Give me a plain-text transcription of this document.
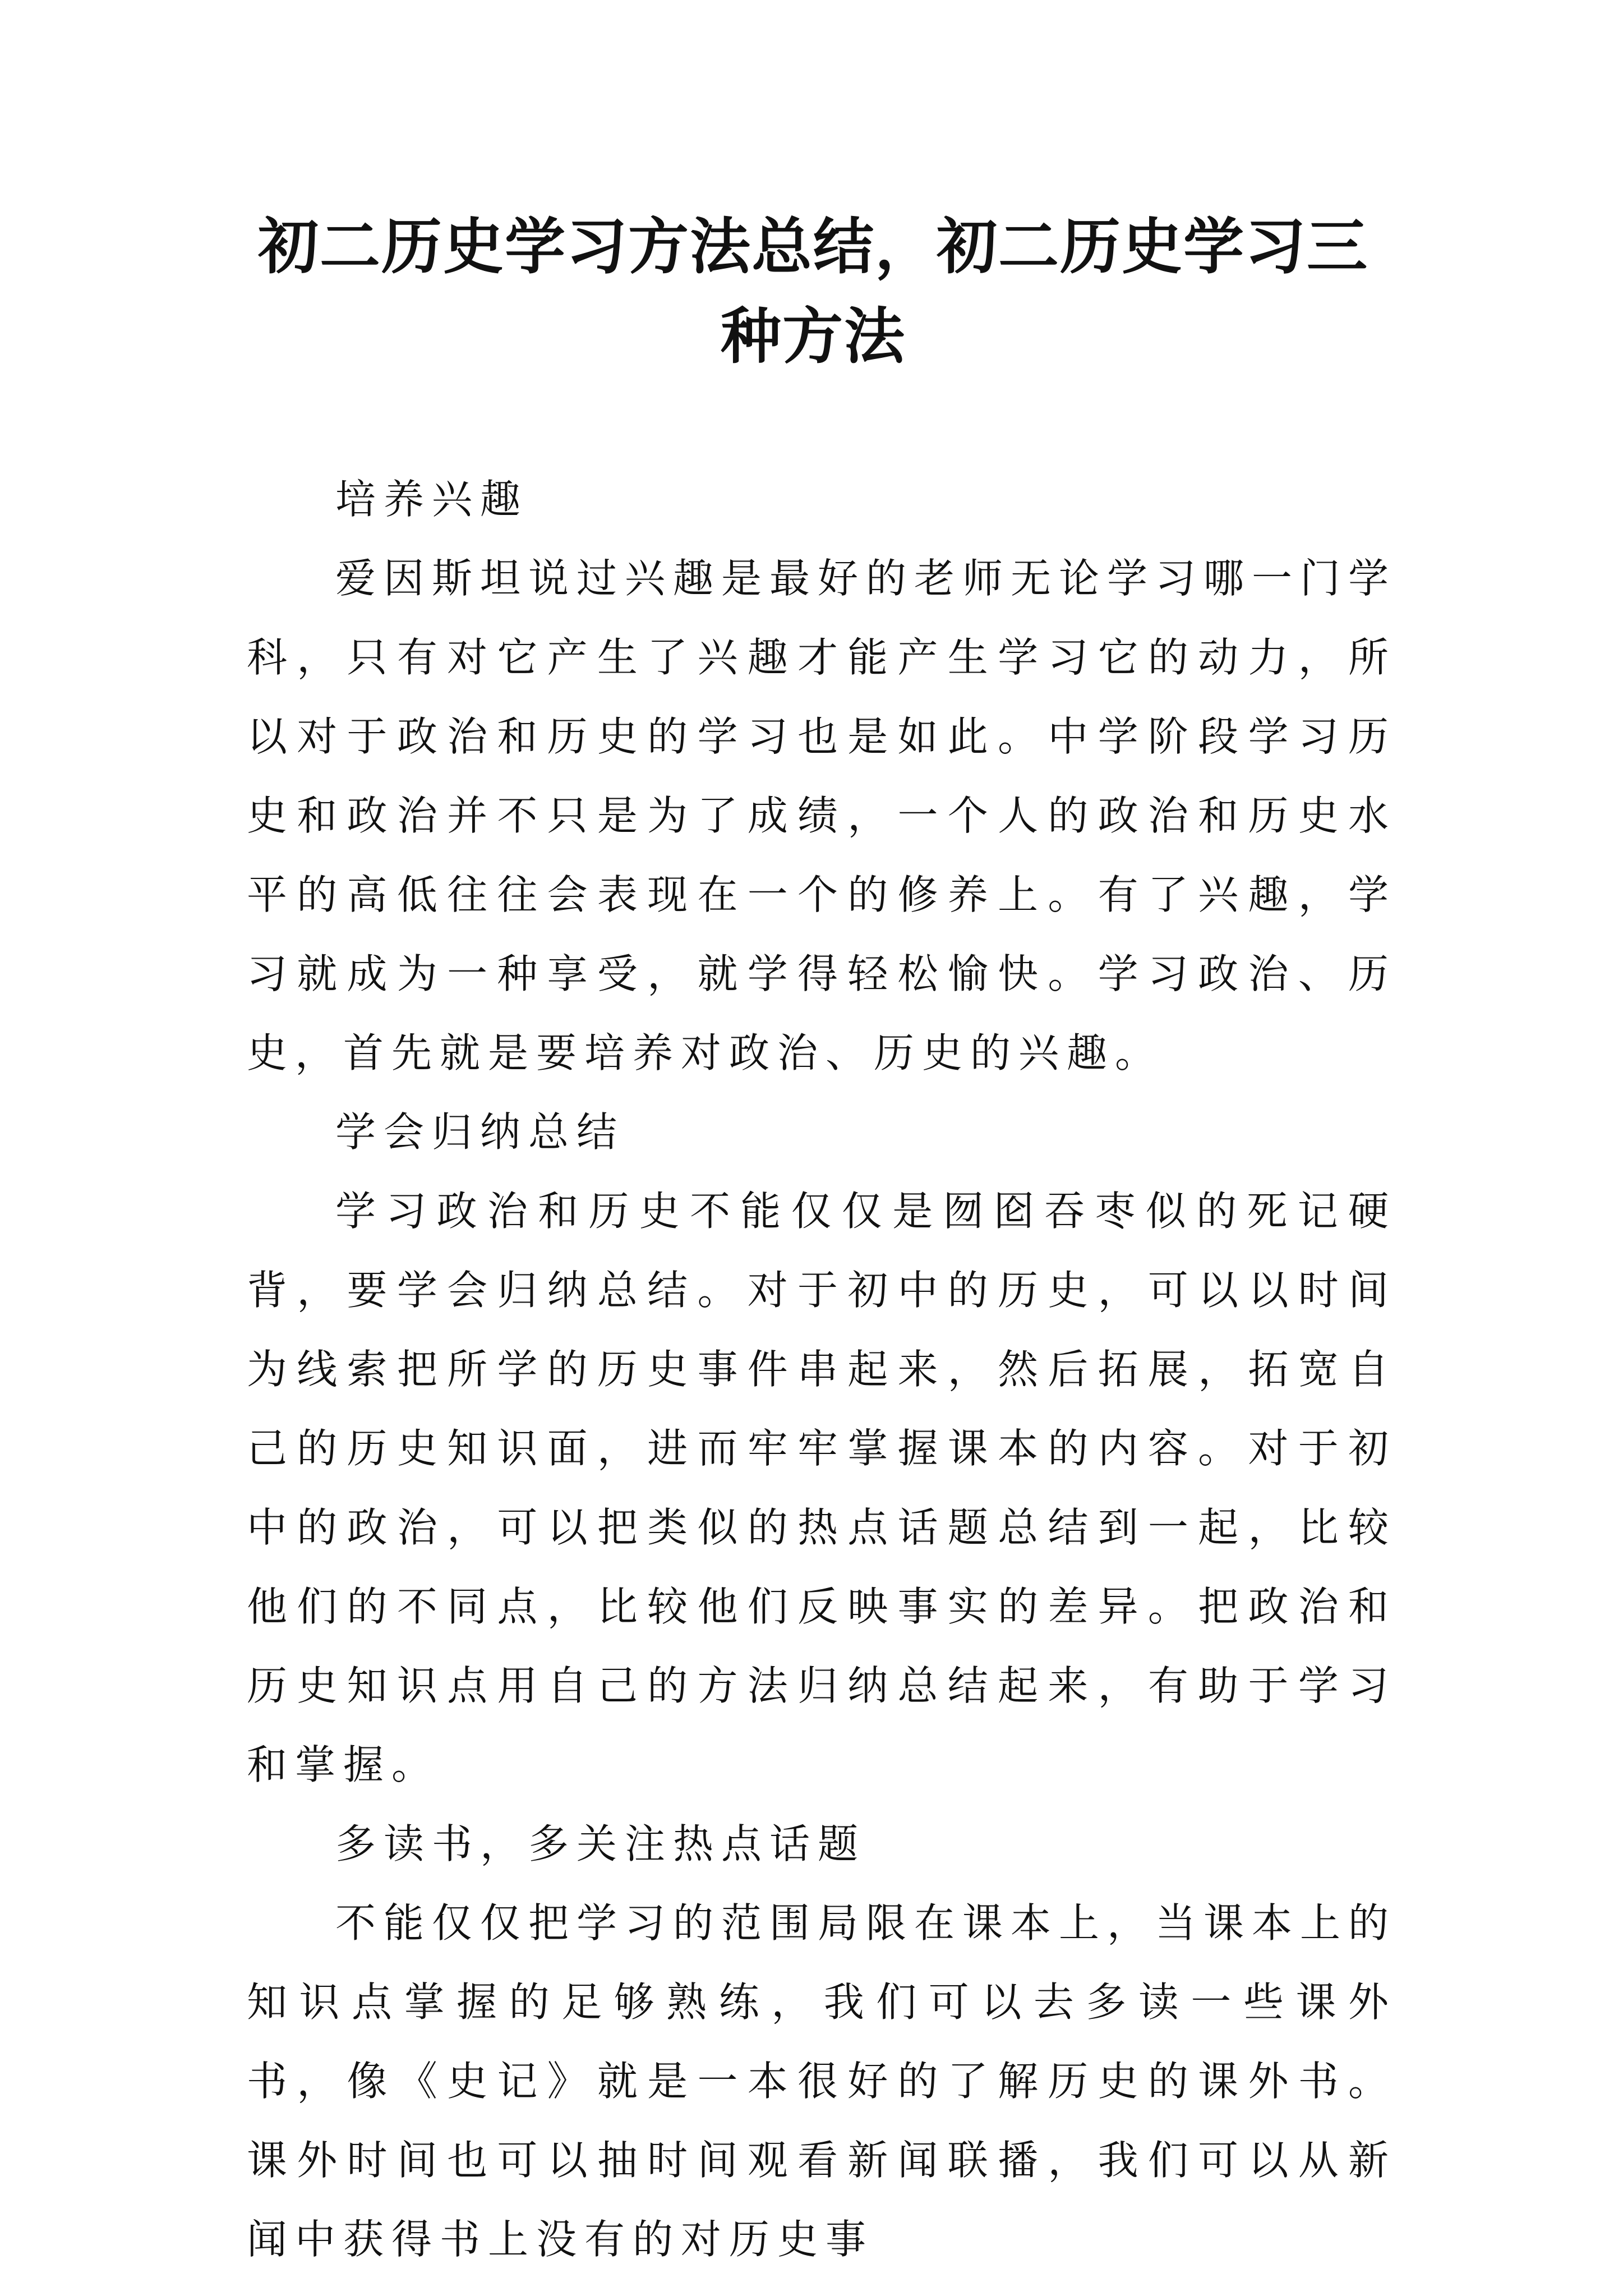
初二历史学习方法总结，初二历史学习三种方法

培养兴趣

爱因斯坦说过兴趣是最好的老师无论学习哪一门学科，只有对它产生了兴趣才能产生学习它的动力，所以对于政治和历史的学习也是如此。中学阶段学习历史和政治并不只是为了成绩，一个人的政治和历史水平的高低往往会表现在一个的修养上。有了兴趣，学习就成为一种享受，就学得轻松愉快。学习政治、历史，首先就是要培养对政治、历史的兴趣。

学会归纳总结

学习政治和历史不能仅仅是囫囵吞枣似的死记硬背，要学会归纳总结。对于初中的历史，可以以时间为线索把所学的历史事件串起来，然后拓展，拓宽自己的历史知识面，进而牢牢掌握课本的内容。对于初中的政治，可以把类似的热点话题总结到一起，比较他们的不同点，比较他们反映事实的差异。把政治和历史知识点用自己的方法归纳总结起来，有助于学习和掌握。

多读书，多关注热点话题

不能仅仅把学习的范围局限在课本上，当课本上的知识点掌握的足够熟练，我们可以去多读一些课外书，像《史记》就是一本很好的了解历史的课外书。课外时间也可以抽时间观看新闻联播，我们可以从新闻中获得书上没有的对历史事
